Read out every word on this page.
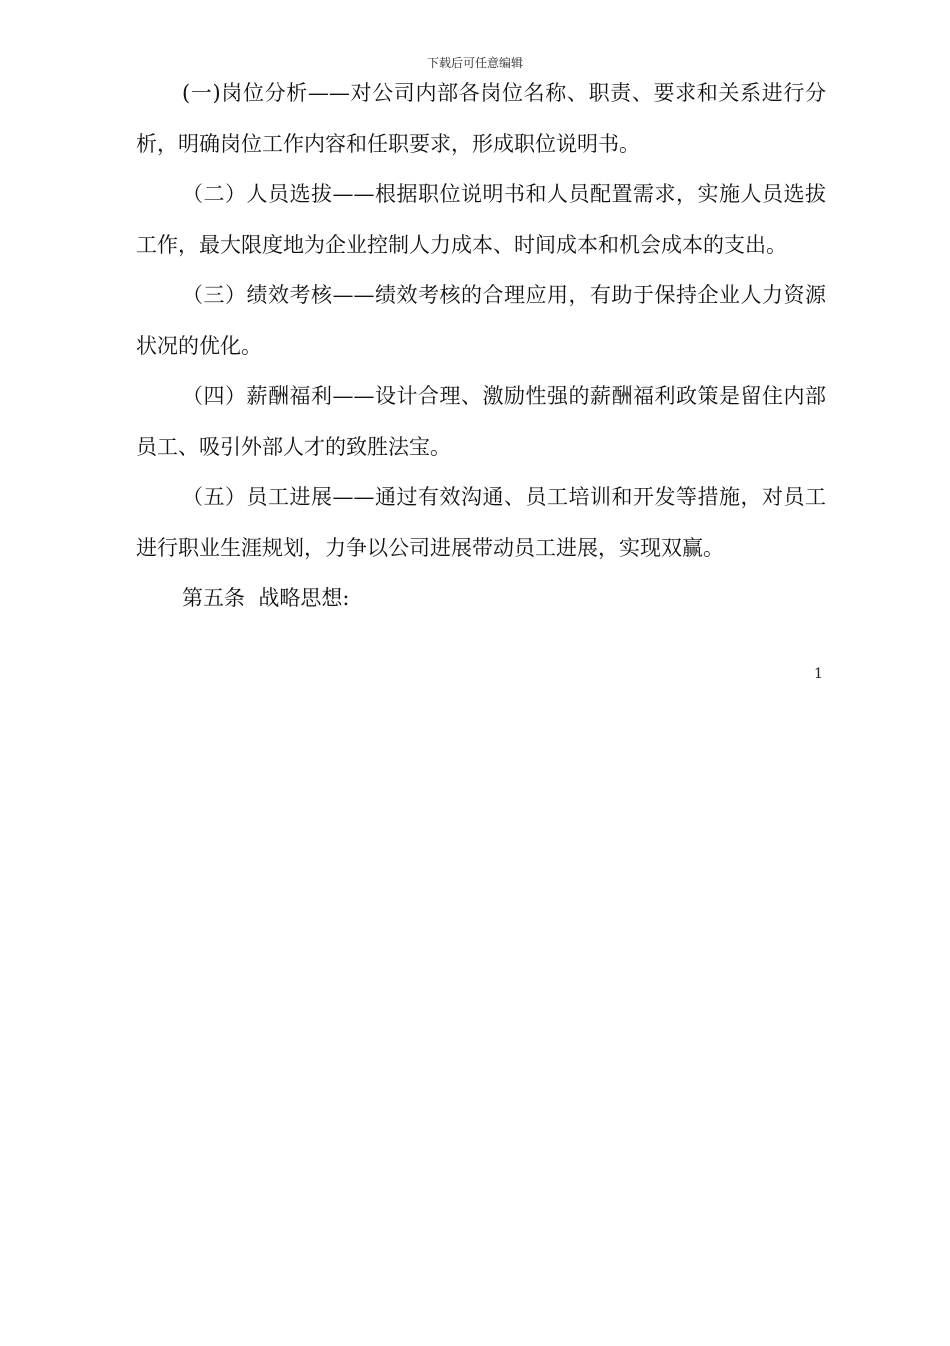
下载后可任意编辑

(一)岗位分析——对公司内部各岗位名称、职责、要求和关系进行分析，明确岗位工作内容和任职要求，形成职位说明书。

（二）人员选拔——根据职位说明书和人员配置需求，实施人员选拔工作，最大限度地为企业控制人力成本、时间成本和机会成本的支出。

（三）绩效考核——绩效考核的合理应用，有助于保持企业人力资源状况的优化。

（四）薪酬福利——设计合理、激励性强的薪酬福利政策是留住内部员工、吸引外部人才的致胜法宝。

（五）员工进展——通过有效沟通、员工培训和开发等措施，对员工进行职业生涯规划，力争以公司进展带动员工进展，实现双赢。

第五条  战略思想:

1
